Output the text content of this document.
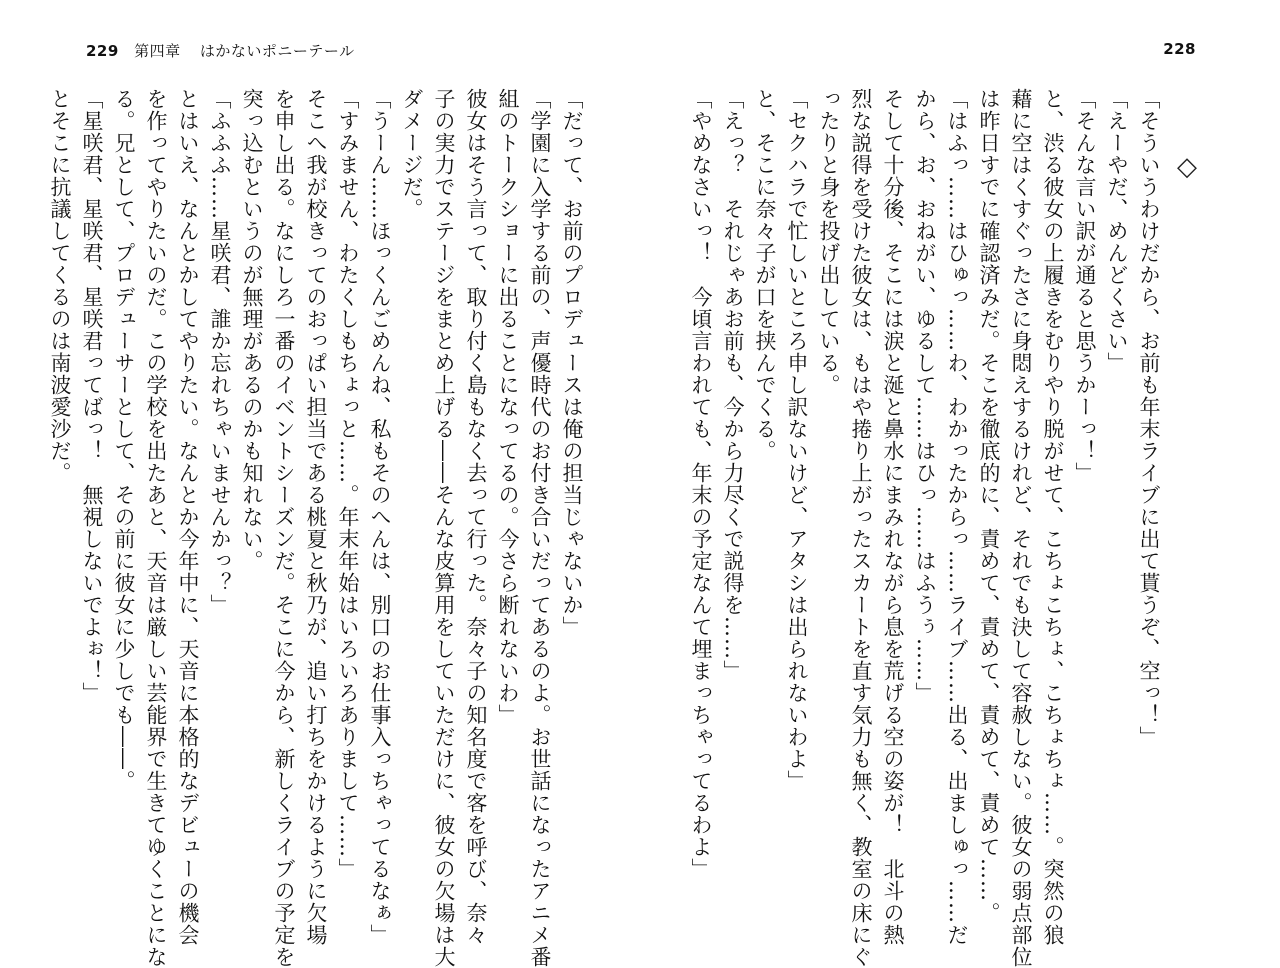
229 第四章 はかないポニーテール	228
◇
「そういうわけだから、お前も年末ライブに出て貰うぞ、空っ！」
「えーやだ、めんどくさい」
「そんな言い訳が通ると思うかーっ！」
と、渋る彼女の上履きをむりやり脱がせて、こちょこちょ、こちょちょ……。突然の狼
藉に空はくすぐったさに身悶えするけれど、それでも決して容赦しない。彼女の弱点部位
は昨日すでに確認済みだ。そこを徹底的に、責めて、責めて、責めて、責めて……。
「はふっ……はひゅっ……わ、わかったからっ……ライブ……出る、出ましゅっ……だ
から、お、おねがい、ゆるして……はひっ……はふうぅ……」
そして十分後、そこには涙と涎と鼻水にまみれながら息を荒げる空の姿が！　北斗の熱
烈な説得を受けた彼女は、もはや捲り上がったスカートを直す気力も無く、教室の床にぐ
ったりと身を投げ出している。
「セクハラで忙しいところ申し訳ないけど、アタシは出られないわよ」
と、そこに奈々子が口を挟んでくる。
「えっ？　それじゃあお前も、今から力尽くで説得を……」
「やめなさいっ！　今頃言われても、年末の予定なんて埋まっちゃってるわよ」
「だって、お前のプロデュースは俺の担当じゃないか」
「学園に入学する前の、声優時代のお付き合いだってあるのよ。お世話になったアニメ番
組のトークショーに出ることになってるの。今さら断れないわ」
彼女はそう言って、取り付く島もなく去って行った。奈々子の知名度で客を呼び、奈々
子の実力でステージをまとめ上げる――そんな皮算用をしていただけに、彼女の欠場は大
ダメージだ。
「うーん……ほっくんごめんね、私もそのへんは、別口のお仕事入っちゃってるなぁ」
「すみません、わたくしもちょっと……。年末年始はいろいろありまして……」
そこへ我が校きってのおっぱい担当である桃夏と秋乃が、追い打ちをかけるように欠場
を申し出る。なにしろ一番のイベントシーズンだ。そこに今から、新しくライブの予定を
突っ込むというのが無理があるのかも知れない。
「ふふふ……星咲君、誰か忘れちゃいませんかっ？」
とはいえ、なんとかしてやりたい。なんとか今年中に、天音に本格的なデビューの機会
を作ってやりたいのだ。この学校を出たあと、天音は厳しい芸能界で生きてゆくことにな
る。兄として、プロデューサーとして、その前に彼女に少しでも――。
「星咲君、星咲君、星咲君ってばっ！　無視しないでよぉ！」
とそこに抗議してくるのは南波愛沙だ。
